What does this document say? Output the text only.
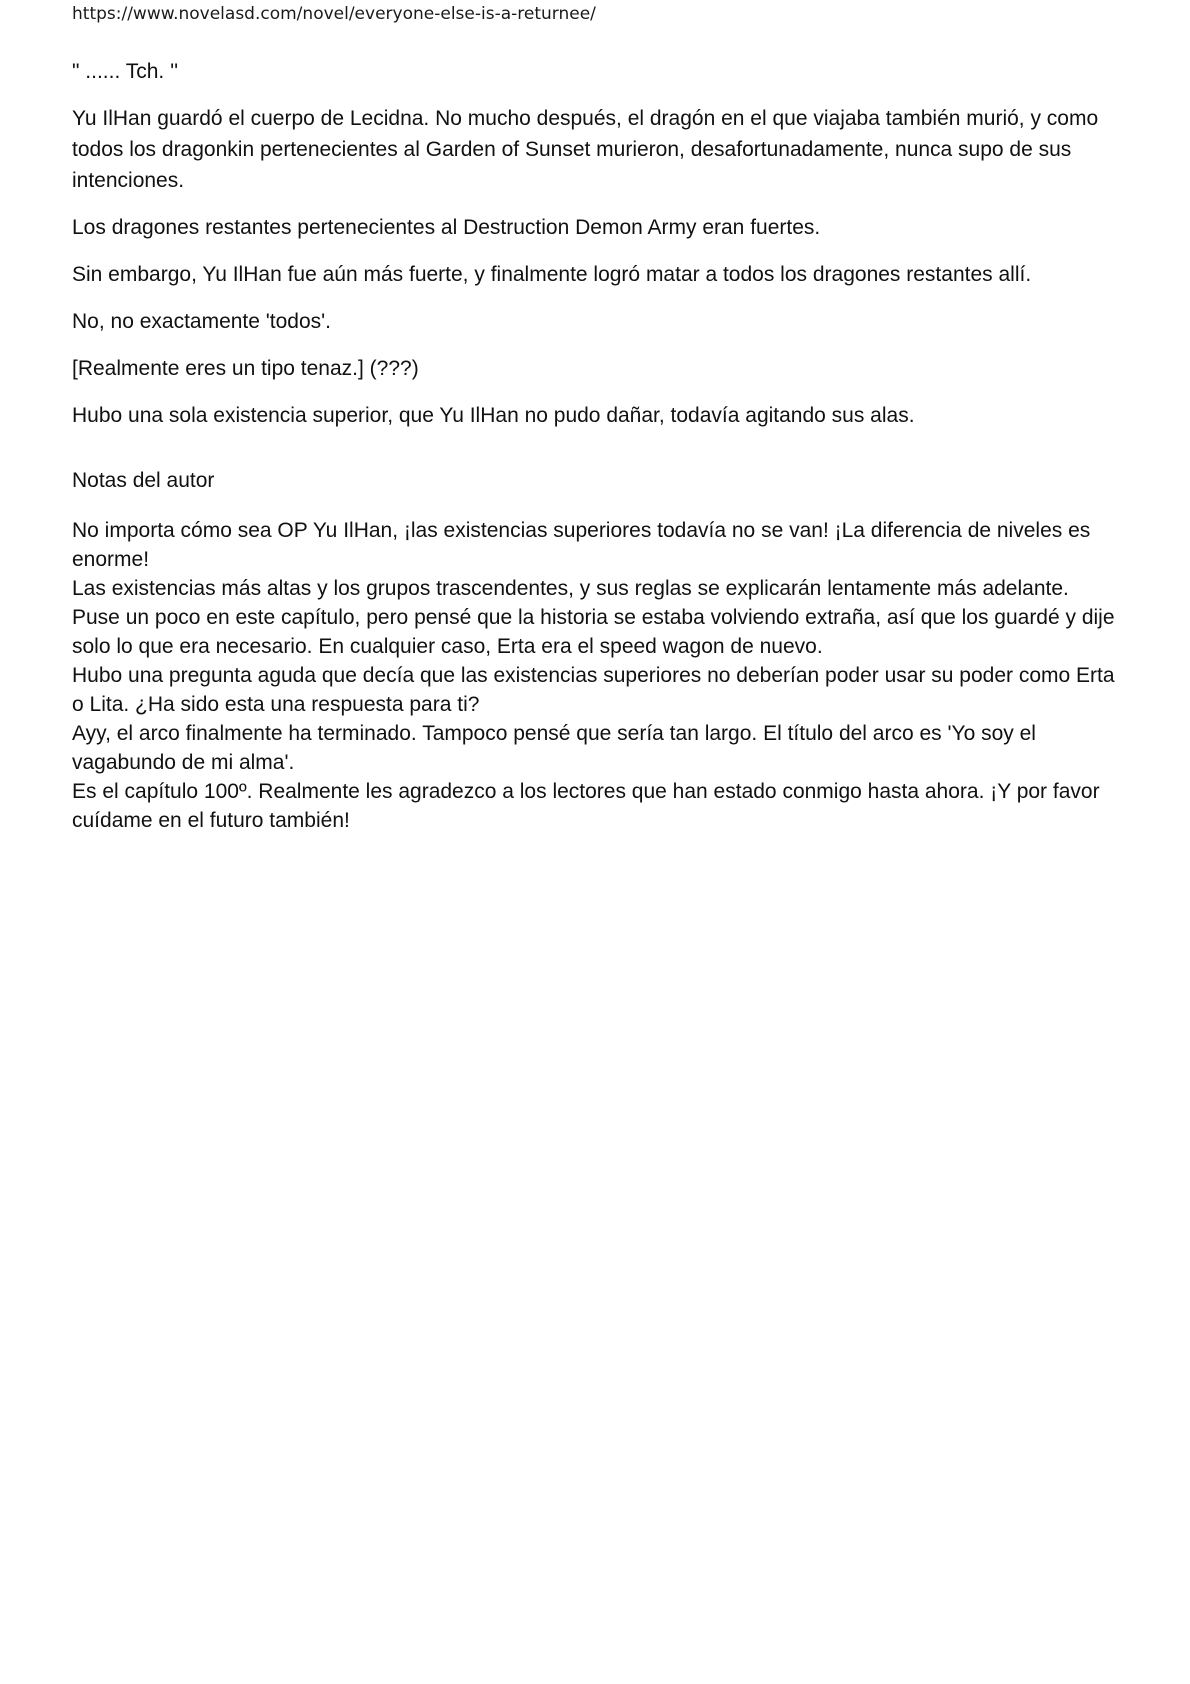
https://www.novelasd.com/novel/everyone-else-is-a-returnee/

" ...... Tch. ''

Yu IlHan guardó el cuerpo de Lecidna. No mucho después, el dragón en el que viajaba también murió, y como todos los dragonkin pertenecientes al Garden of Sunset murieron, desafortunadamente, nunca supo de sus intenciones.

Los dragones restantes pertenecientes al Destruction Demon Army eran fuertes.

Sin embargo, Yu IlHan fue aún más fuerte, y finalmente logró matar a todos los dragones restantes allí.

No, no exactamente 'todos'.

[Realmente eres un tipo tenaz.] (???)

Hubo una sola existencia superior, que Yu IlHan no pudo dañar, todavía agitando sus alas.

Notas del autor

No importa cómo sea OP Yu IlHan, ¡las existencias superiores todavía no se van! ¡La diferencia de niveles es enorme!

Las existencias más altas y los grupos trascendentes, y sus reglas se explicarán lentamente más adelante.

Puse un poco en este capítulo, pero pensé que la historia se estaba volviendo extraña, así que los guardé y dije solo lo que era necesario. En cualquier caso, Erta era el speed wagon de nuevo.

Hubo una pregunta aguda que decía que las existencias superiores no deberían poder usar su poder como Erta o Lita. ¿Ha sido esta una respuesta para ti?

Ayy, el arco finalmente ha terminado. Tampoco pensé que sería tan largo. El título del arco es 'Yo soy el vagabundo de mi alma'.

Es el capítulo 100º. Realmente les agradezco a los lectores que han estado conmigo hasta ahora. ¡Y por favor cuídame en el futuro también!
